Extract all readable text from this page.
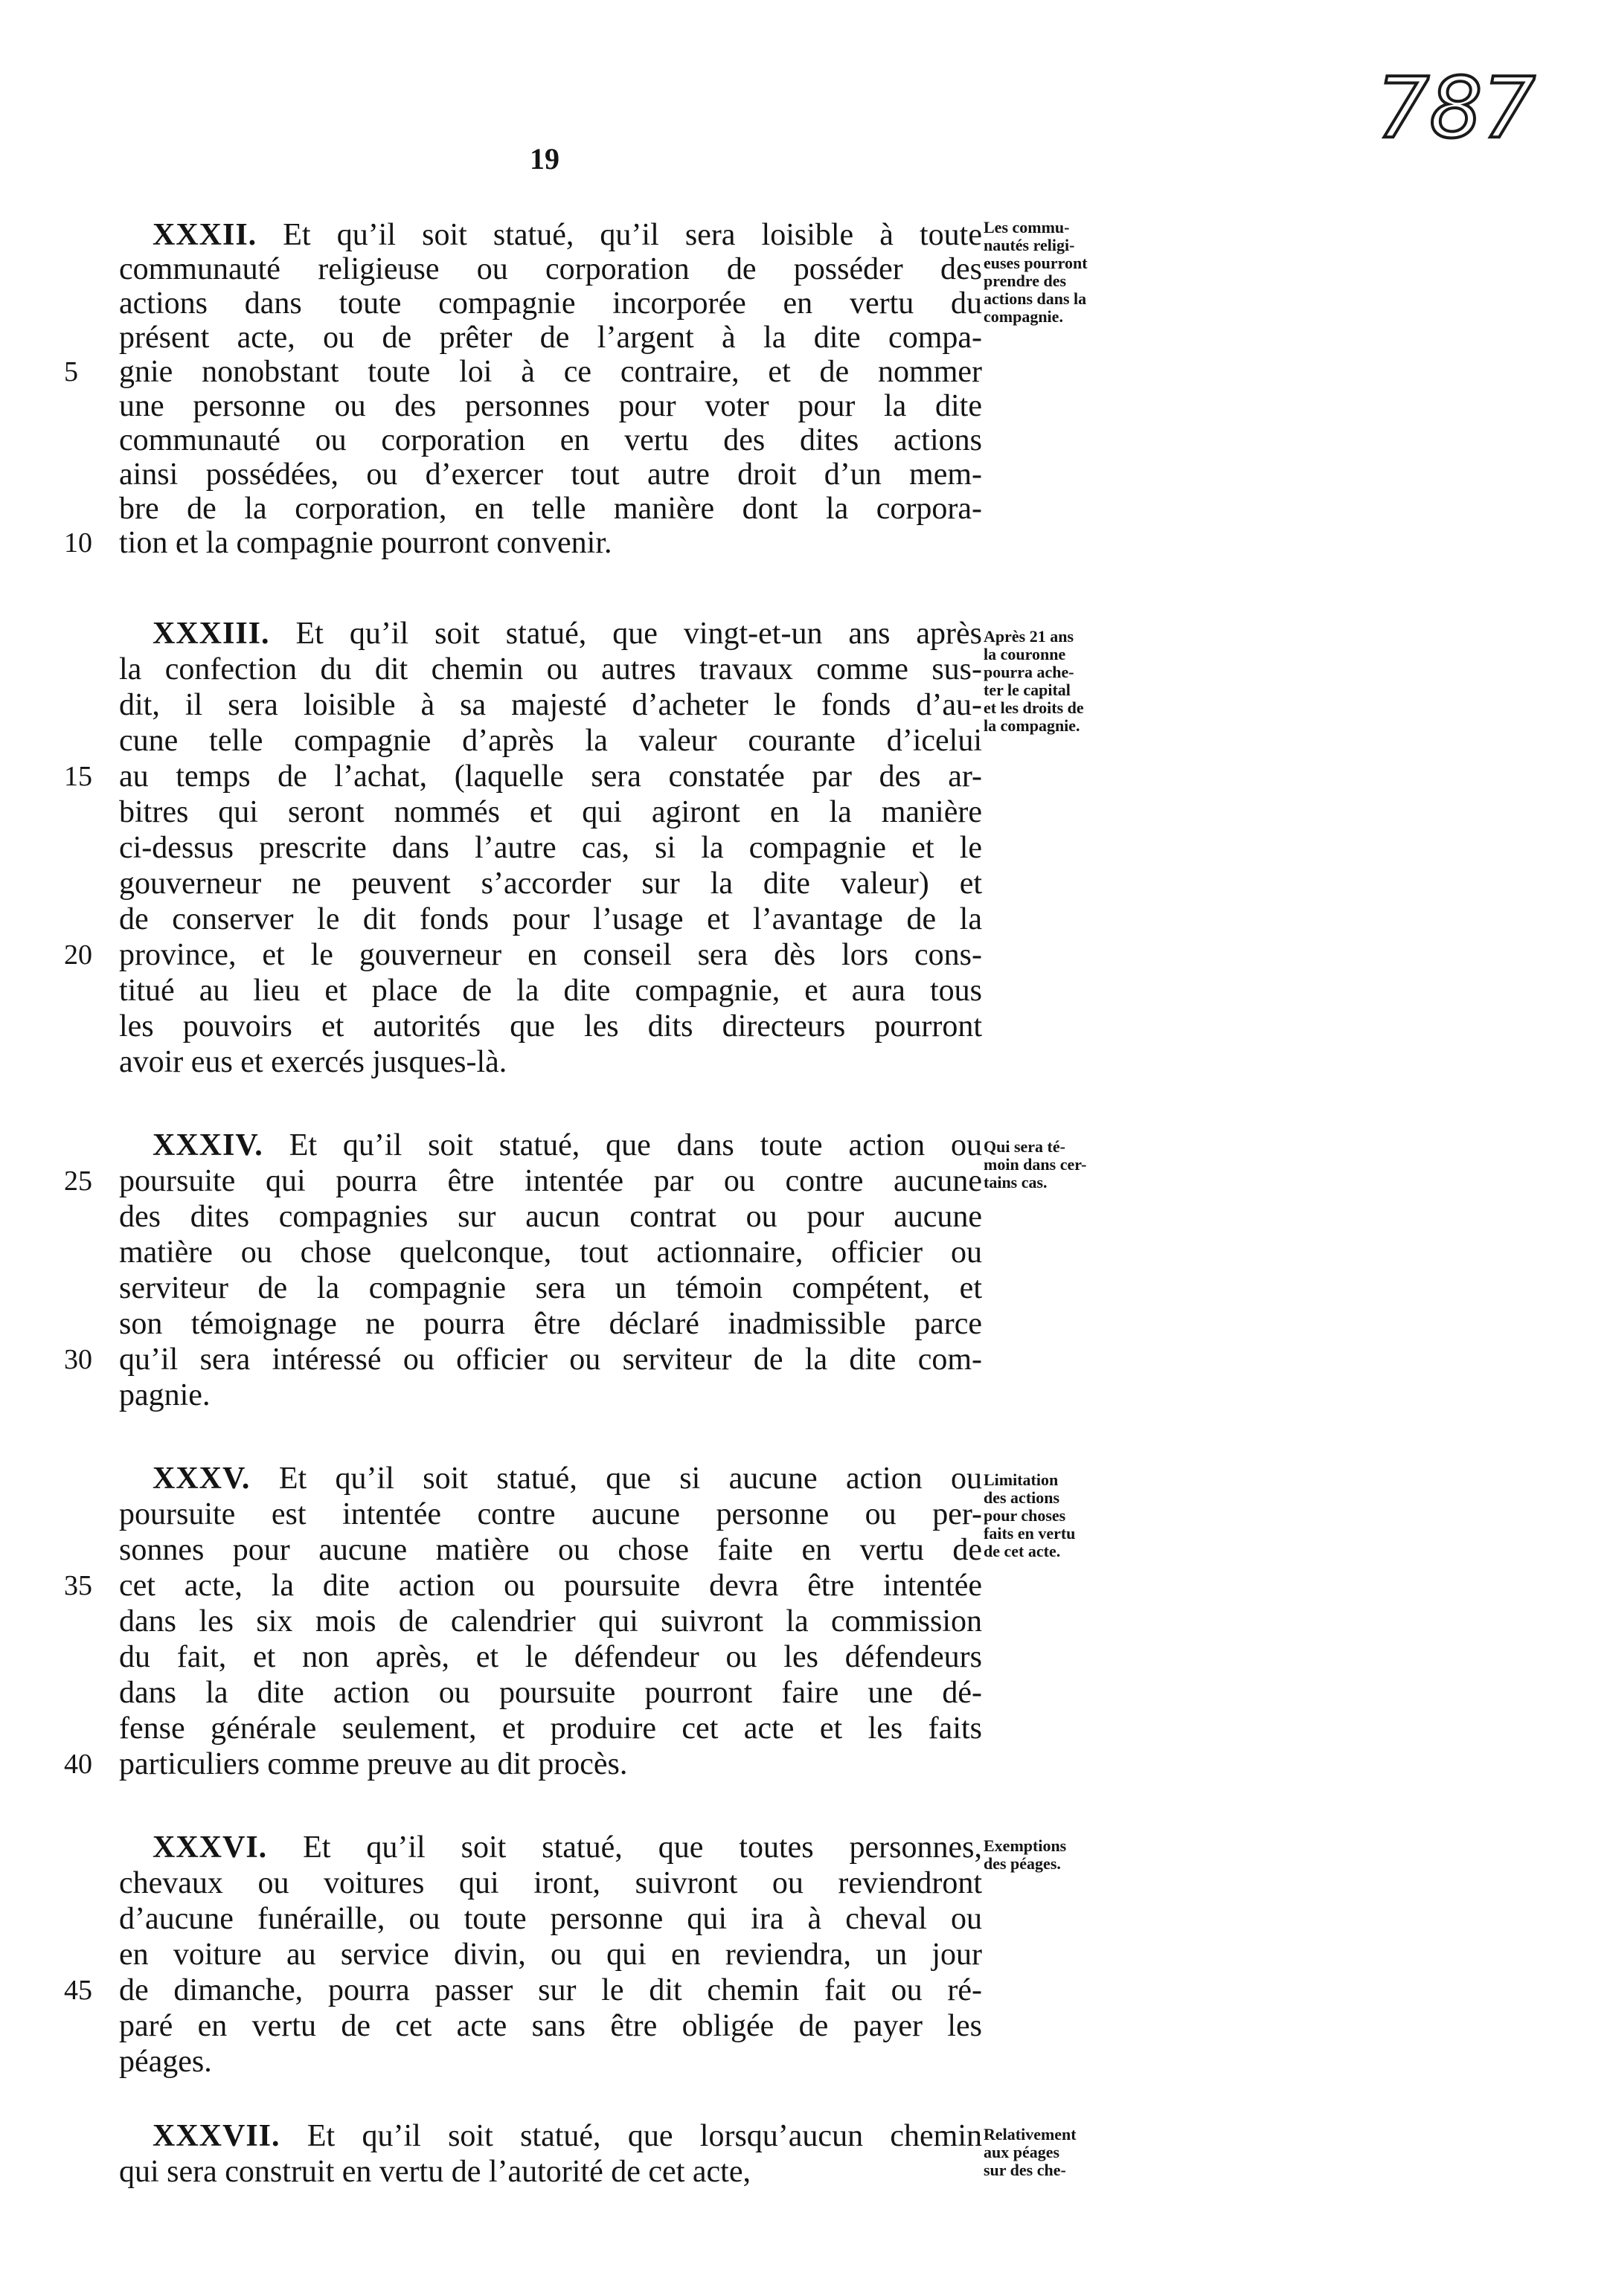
19
787
XXXII. Et qu’il soit statué, qu’il sera loisible à toute
communauté religieuse ou corporation de posséder des
actions dans toute compagnie incorporée en vertu du
présent acte, ou de prêter de l’argent à la dite compa-
gnie nonobstant toute loi à ce contraire, et de nommer
une personne ou des personnes pour voter pour la dite
communauté ou corporation en vertu des dites actions
ainsi possédées, ou d’exercer tout autre droit d’un mem-
bre de la corporation, en telle manière dont la corpora-
tion et la compagnie pourront convenir.
Les commu-
nautés religi-
euses pourront
prendre des
actions dans la
compagnie.
XXXIII. Et qu’il soit statué, que vingt-et-un ans après
la confection du dit chemin ou autres travaux comme sus-
dit, il sera loisible à sa majesté d’acheter le fonds d’au-
cune telle compagnie d’après la valeur courante d’icelui
au temps de l’achat, (laquelle sera constatée par des ar-
bitres qui seront nommés et qui agiront en la manière
ci-dessus prescrite dans l’autre cas, si la compagnie et le
gouverneur ne peuvent s’accorder sur la dite valeur) et
de conserver le dit fonds pour l’usage et l’avantage de la
province, et le gouverneur en conseil sera dès lors cons-
titué au lieu et place de la dite compagnie, et aura tous
les pouvoirs et autorités que les dits directeurs pourront
avoir eus et exercés jusques-là.
Après 21 ans
la couronne
pourra ache-
ter le capital
et les droits de
la compagnie.
XXXIV. Et qu’il soit statué, que dans toute action ou
poursuite qui pourra être intentée par ou contre aucune
des dites compagnies sur aucun contrat ou pour aucune
matière ou chose quelconque, tout actionnaire, officier ou
serviteur de la compagnie sera un témoin compétent, et
son témoignage ne pourra être déclaré inadmissible parce
qu’il sera intéressé ou officier ou serviteur de la dite com-
pagnie.
Qui sera té-
moin dans cer-
tains cas.
XXXV. Et qu’il soit statué, que si aucune action ou
poursuite est intentée contre aucune personne ou per-
sonnes pour aucune matière ou chose faite en vertu de
cet acte, la dite action ou poursuite devra être intentée
dans les six mois de calendrier qui suivront la commission
du fait, et non après, et le défendeur ou les défendeurs
dans la dite action ou poursuite pourront faire une dé-
fense générale seulement, et produire cet acte et les faits
particuliers comme preuve au dit procès.
Limitation
des actions
pour choses
faits en vertu
de cet acte.
XXXVI. Et qu’il soit statué, que toutes personnes,
chevaux ou voitures qui iront, suivront ou reviendront
d’aucune funéraille, ou toute personne qui ira à cheval ou
en voiture au service divin, ou qui en reviendra, un jour
de dimanche, pourra passer sur le dit chemin fait ou ré-
paré en vertu de cet acte sans être obligée de payer les
péages.
Exemptions
des péages.
XXXVII. Et qu’il soit statué, que lorsqu’aucun chemin
qui sera construit en vertu de l’autorité de cet acte,
Relativement
aux péages
sur des che-
5
10
15
20
25
30
35
40
45
